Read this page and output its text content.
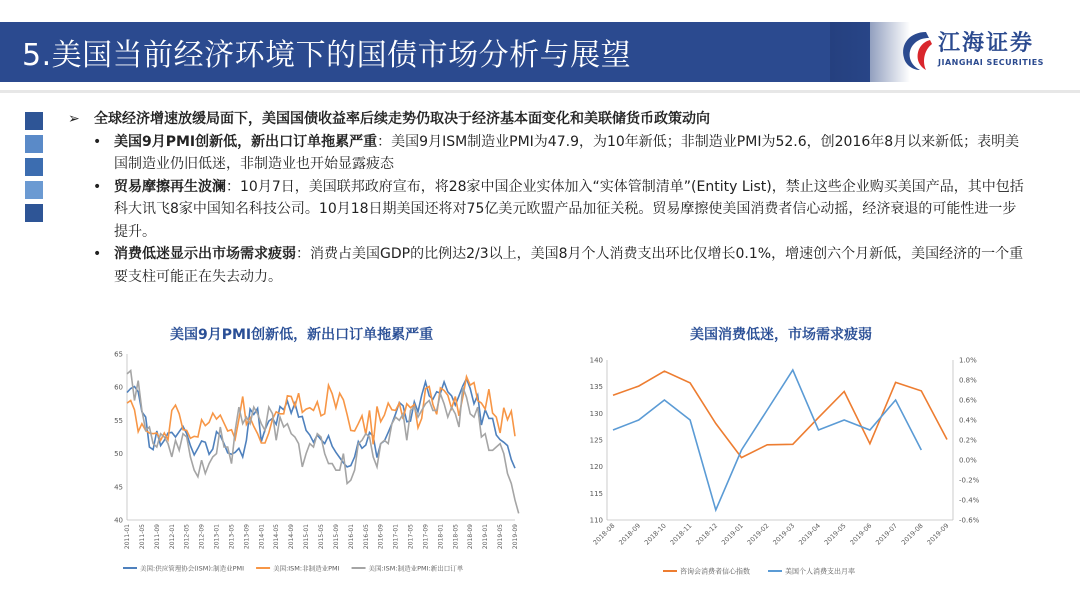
5.美国当前经济环境下的国债市场分析与展望	江海证券
JIANGHAI SECURITIES
➢ 全球经济增速放缓局面下，美国国债收益率后续走势仍取决于经济基本面变化和美联储货币政策动向
• 美国9月PMI创新低，新出口订单拖累严重：美国9月ISM制造业PMI为47.9，为10年新低；非制造业PMI为52.6，创2016年8月以来新低；表明美国制造业仍旧低迷，非制造业也开始显露疲态
• 贸易摩擦再生波澜：10月7日，美国联邦政府宣布，将28家中国企业实体加入“实体管制清单”(Entity List)，禁止这些企业购买美国产品，其中包括科大讯飞8家中国知名科技公司。10月18日期美国还将对75亿美元欧盟产品加征关税。贸易摩擦使美国消费者信心动摇，经济衰退的可能性进一步提升。
• 消费低迷显示出市场需求疲弱：消费占美国GDP的比例达2/3以上，美国8月个人消费支出环比仅增长0.1%，增速创六个月新低，美国经济的一个重要支柱可能正在失去动力。
美国9月PMI创新低，新出口订单拖累严重	美国消费低迷，市场需求疲弱
40
45
50
55
60
65
2011-01 2011-05 2011-09 2012-01 2012-05 2012-09 2013-01 2013-05 2013-09 2014-01 2014-05 2014-09 2015-01 2015-05 2015-09 2016-01 2016-05 2016-09 2017-01 2017-05 2017-09 2018-01 2018-05 2018-09 2019-01 2019-05 2019-09
美国:供应管理协会(ISM):制造业PMI	美国:ISM:非制造业PMI	美国:ISM:制造业PMI:新出口订单
110
115
120
125
130
135
140
-0.6%
-0.4%
-0.2%
0.0%
0.2%
0.4%
0.6%
0.8%
1.0%
2018-08 2018-09 2018-10 2018-11 2018-12 2019-01 2019-02 2019-03 2019-04 2019-05 2019-06 2019-07 2019-08 2019-09
咨询会消费者信心指数	美国个人消费支出月率
